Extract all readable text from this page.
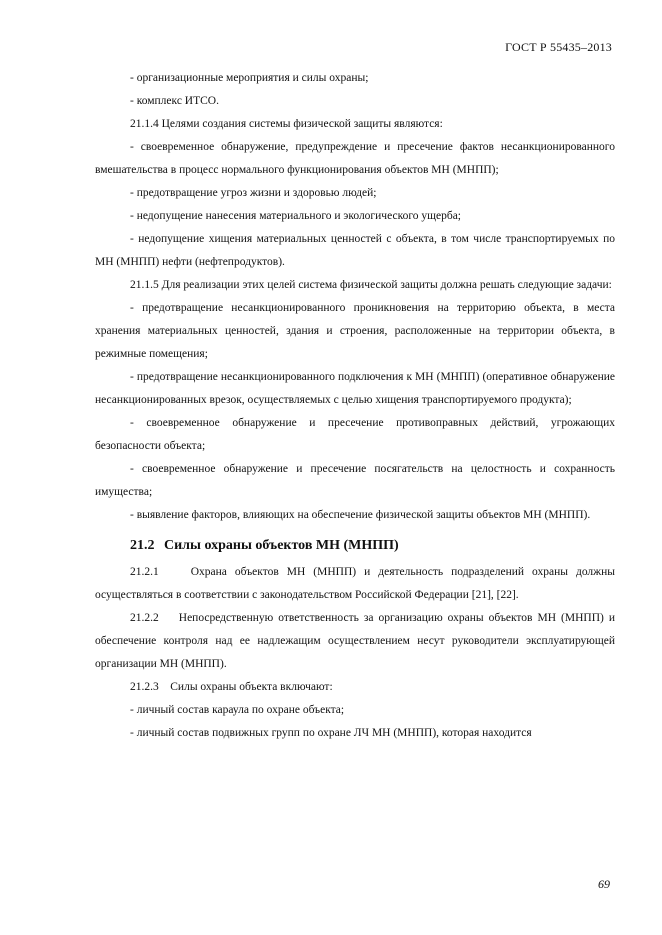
ГОСТ Р 55435–2013

- организационные мероприятия и силы охраны;

- комплекс ИТСО.

21.1.4 Целями создания системы физической защиты являются:

- своевременное обнаружение, предупреждение и пресечение фактов несанкционированного вмешательства в процесс нормального функционирования объектов МН (МНПП);

- предотвращение угроз жизни и здоровью людей;

- недопущение нанесения материального и экологического ущерба;

- недопущение хищения материальных ценностей с объекта, в том числе транспортируемых по МН (МНПП) нефти (нефтепродуктов).

21.1.5 Для реализации этих целей система физической защиты должна решать следующие задачи:

- предотвращение несанкционированного проникновения на территорию объекта, в места хранения материальных ценностей, здания и строения, расположенные на территории объекта, в режимные помещения;

- предотвращение несанкционированного подключения к МН (МНПП) (оперативное обнаружение несанкционированных врезок, осуществляемых с целью хищения транспортируемого продукта);

- своевременное обнаружение и пресечение противоправных действий, угрожающих безопасности объекта;

- своевременное обнаружение и пресечение посягательств на целостность и сохранность имущества;

- выявление факторов, влияющих на обеспечение физической защиты объектов МН (МНПП).

21.2 Силы охраны объектов МН (МНПП)

21.2.1    Охрана объектов МН (МНПП) и деятельность подразделений охраны должны осуществляться в соответствии с законодательством Российской Федерации [21], [22].

21.2.2    Непосредственную ответственность за организацию охраны объектов МН (МНПП) и обеспечение контроля над ее надлежащим осуществлением несут руководители эксплуатирующей организации МН (МНПП).

21.2.3    Силы охраны объекта включают:

- личный состав караула по охране объекта;

- личный состав подвижных групп по охране ЛЧ МН (МНПП), которая находится

69
